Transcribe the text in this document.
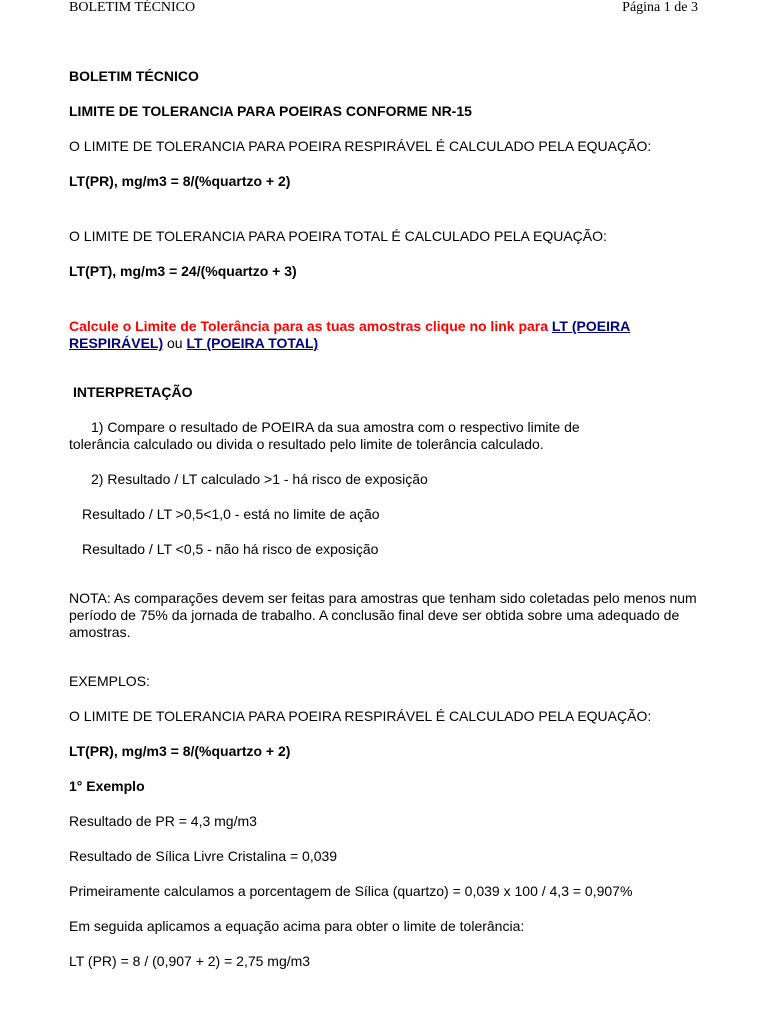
BOLETIM TÉCNICO	Página 1 de 3

BOLETIM TÉCNICO

LIMITE DE TOLERANCIA PARA POEIRAS CONFORME NR-15

O LIMITE DE TOLERANCIA PARA POEIRA RESPIRÁVEL É CALCULADO PELA EQUAÇÃO:

LT(PR), mg/m3 = 8/(%quartzo + 2)

O LIMITE DE TOLERANCIA PARA POEIRA TOTAL É CALCULADO PELA EQUAÇÃO:

LT(PT), mg/m3 = 24/(%quartzo + 3)

Calcule o Limite de Tolerância para as tuas amostras clique no link para LT (POEIRA RESPIRÁVEL) ou LT (POEIRA TOTAL)

INTERPRETAÇÃO

1) Compare o resultado de POEIRA da sua amostra com o respectivo limite de tolerância calculado ou divida o resultado pelo limite de tolerância calculado.

2) Resultado / LT calculado >1 - há risco de exposição

Resultado / LT >0,5<1,0 - está no limite de ação

Resultado / LT <0,5 - não há risco de exposição

NOTA: As comparações devem ser feitas para amostras que tenham sido coletadas pelo menos num período de 75% da jornada de trabalho. A conclusão final deve ser obtida sobre uma adequado de amostras.

EXEMPLOS:

O LIMITE DE TOLERANCIA PARA POEIRA RESPIRÁVEL É CALCULADO PELA EQUAÇÃO:

LT(PR), mg/m3 = 8/(%quartzo + 2)

1° Exemplo

Resultado de PR = 4,3 mg/m3

Resultado de Sílica Livre Cristalina = 0,039

Primeiramente calculamos a porcentagem de Sílica (quartzo) = 0,039 x 100 / 4,3 = 0,907%

Em seguida aplicamos a equação acima para obter o limite de tolerância:

LT (PR) = 8 / (0,907 + 2) = 2,75 mg/m3
